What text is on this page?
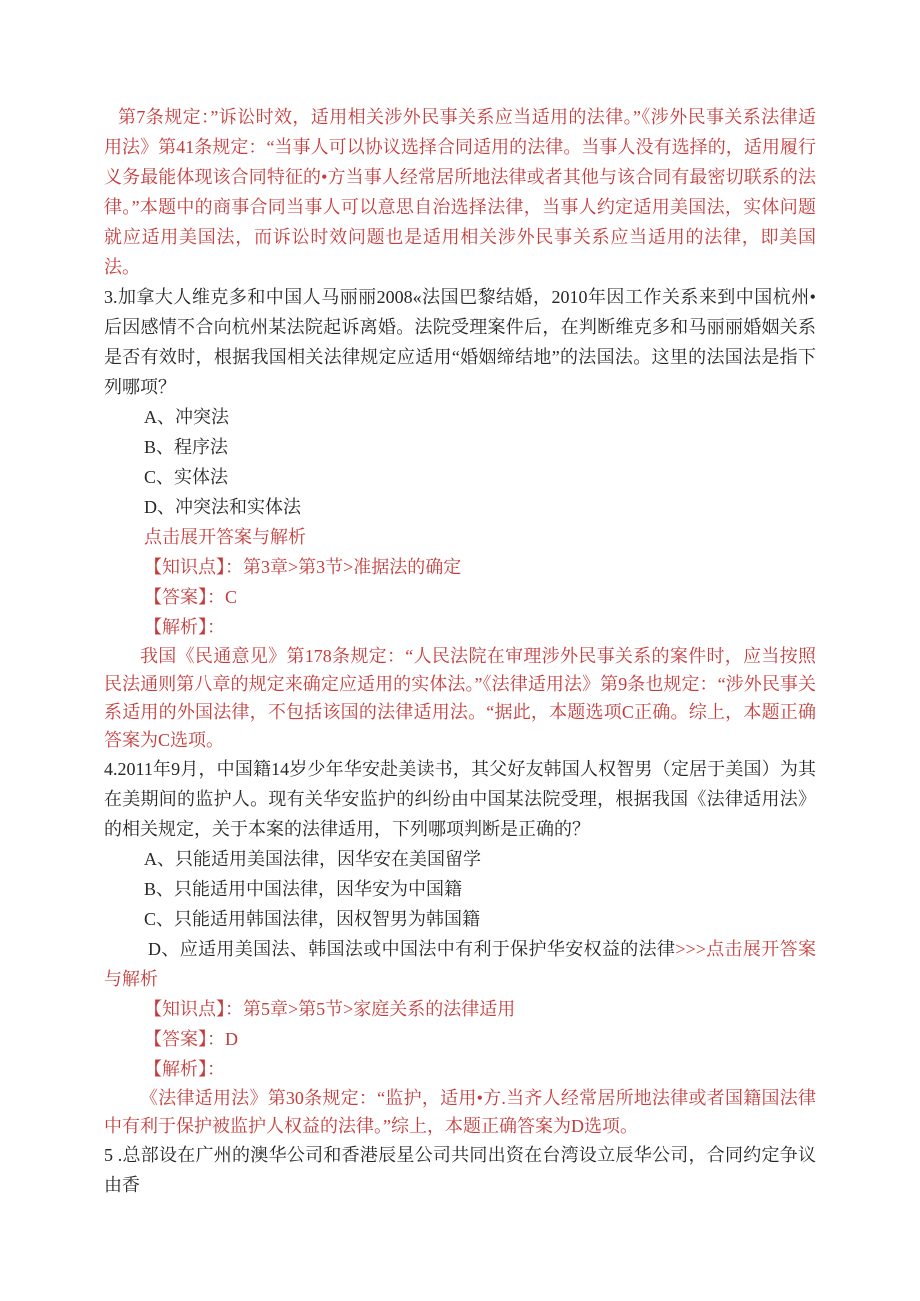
第7条规定：”诉讼时效，适用相关涉外民事关系应当适用的法律。”《涉外民事关系法律适用法》第41条规定：“当事人可以协议选择合同适用的法律。当事人没有选择的，适用履行义务最能体现该合同特征的•方当事人经常居所地法律或者其他与该合同有最密切联系的法律。”本题中的商事合同当事人可以意思自治选择法律，当事人约定适用美国法，实体问题就应适用美国法，而诉讼时效问题也是适用相关涉外民事关系应当适用的法律，即美国法。

3.加拿大人维克多和中国人马丽丽2008«法国巴黎结婚，2010年因工作关系来到中国杭州•后因感情不合向杭州某法院起诉离婚。法院受理案件后，在判断维克多和马丽丽婚姻关系是否有效时，根据我国相关法律规定应适用“婚姻缔结地”的法国法。这里的法国法是指下列哪项？

A、冲突法

B、程序法

C、实体法

D、冲突法和实体法

点击展开答案与解析

【知识点】：第3章>第3节>准据法的确定

【答案】：C

【解析】：

我国《民通意见》第178条规定：“人民法院在审理涉外民事关系的案件时，应当按照民法通则第八章的规定来确定应适用的实体法。”《法律适用法》第9条也规定：“涉外民事关系适用的外国法律，不包括该国的法律适用法。“据此，本题选项C正确。综上，本题正确答案为C选项。

4.2011年9月，中国籍14岁少年华安赴美读书，其父好友韩国人权智男（定居于美国）为其在美期间的监护人。现有关华安监护的纠纷由中国某法院受理，根据我国《法律适用法》的相关规定，关于本案的法律适用，下列哪项判断是正确的？

A、只能适用美国法律，因华安在美国留学

B、只能适用中国法律，因华安为中国籍

C、只能适用韩国法律，因权智男为韩国籍

D、应适用美国法、韩国法或中国法中有利于保护华安权益的法律>>>点击展开答案与解析

【知识点】：第5章>第5节>家庭关系的法律适用

【答案】：D

【解析】：

《法律适用法》第30条规定：“监护，适用•方.当齐人经常居所地法律或者国籍国法律中有利于保护被监护人权益的法律。”综上，本题正确答案为D选项。

5 .总部设在广州的澳华公司和香港辰星公司共同出资在台湾设立辰华公司，合同约定争议由香
